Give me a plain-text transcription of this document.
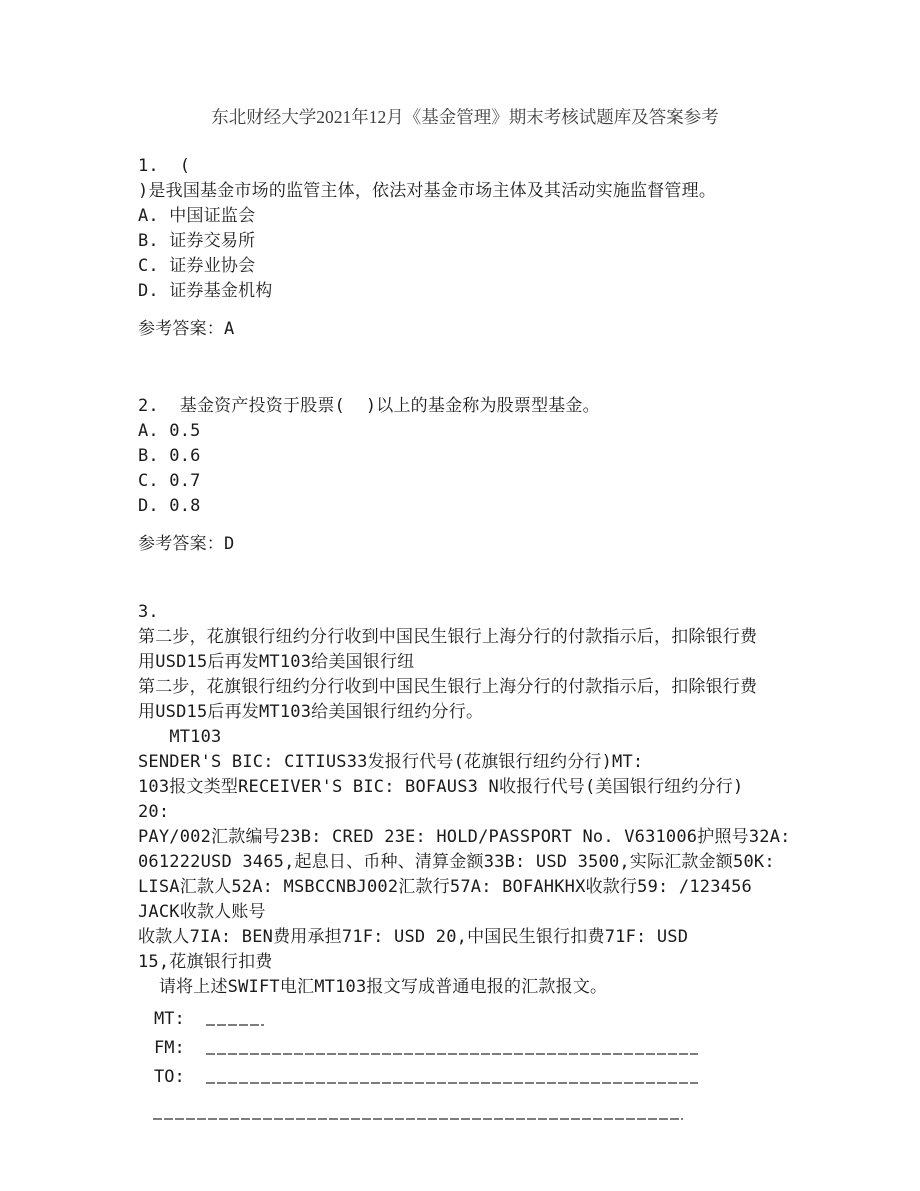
东北财经大学2021年12月《基金管理》期末考核试题库及答案参考

1.  (

)是我国基金市场的监管主体，依法对基金市场主体及其活动实施监督管理。

A. 中国证监会

B. 证券交易所

C. 证券业协会

D. 证券基金机构

参考答案：A

2.  基金资产投资于股票(  )以上的基金称为股票型基金。

A. 0.5

B. 0.6

C. 0.7

D. 0.8

参考答案：D

3.

第二步，花旗银行纽约分行收到中国民生银行上海分行的付款指示后，扣除银行费

用USD15后再发MT103给美国银行纽

第二步，花旗银行纽约分行收到中国民生银行上海分行的付款指示后，扣除银行费

用USD15后再发MT103给美国银行纽约分行。

MT103

SENDER'S BIC: CITIUS33发报行代号(花旗银行纽约分行)MT:

103报文类型RECEIVER'S BIC: BOFAUS3 N收报行代号(美国银行纽约分行)  20:

PAY/002汇款编号23B: CRED 23E: HOLD/PASSPORT No. V631006护照号32A:

061222USD 3465,起息日、币种、清算金额33B: USD 3500,实际汇款金额50K:

LISA汇款人52A: MSBCCNBJ002汇款行57A: BOFAHKHX收款行59: /123456

JACK收款人账号

收款人7IA: BEN费用承担71F: USD 20,中国民生银行扣费71F: USD

15,花旗银行扣费

请将上述SWIFT电汇MT103报文写成普通电报的汇款报文。

MT:

FM:

TO:
